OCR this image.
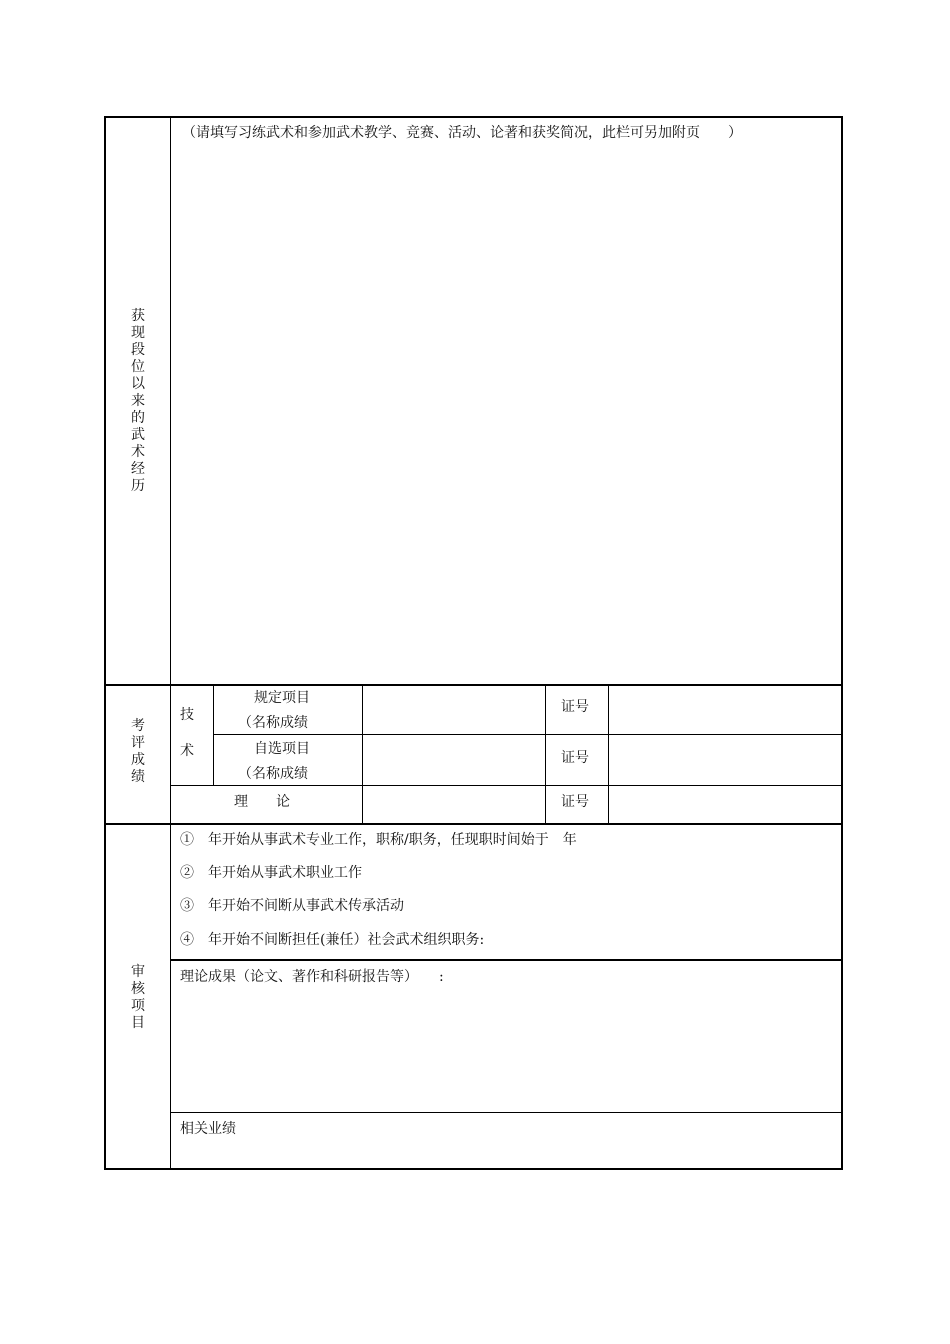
获
现
段
位
以
来
的
武
术
经
历
（请填写习练武术和参加武术教学、竞赛、活动、论著和获奖简况，此栏可另加附页　　）
考
评
成
绩
技
术
规定项目
（名称成绩
证号
自选项目
（名称成绩
证号
理　　论	证号
审
核
项
目
①　年开始从事武术专业工作，职称/职务，任现职时间始于　年
②　年开始从事武术职业工作
③　年开始不间断从事武术传承活动
④　年开始不间断担任(兼任）社会武术组织职务:
理论成果（论文、著作和科研报告等）　　:
相关业绩
